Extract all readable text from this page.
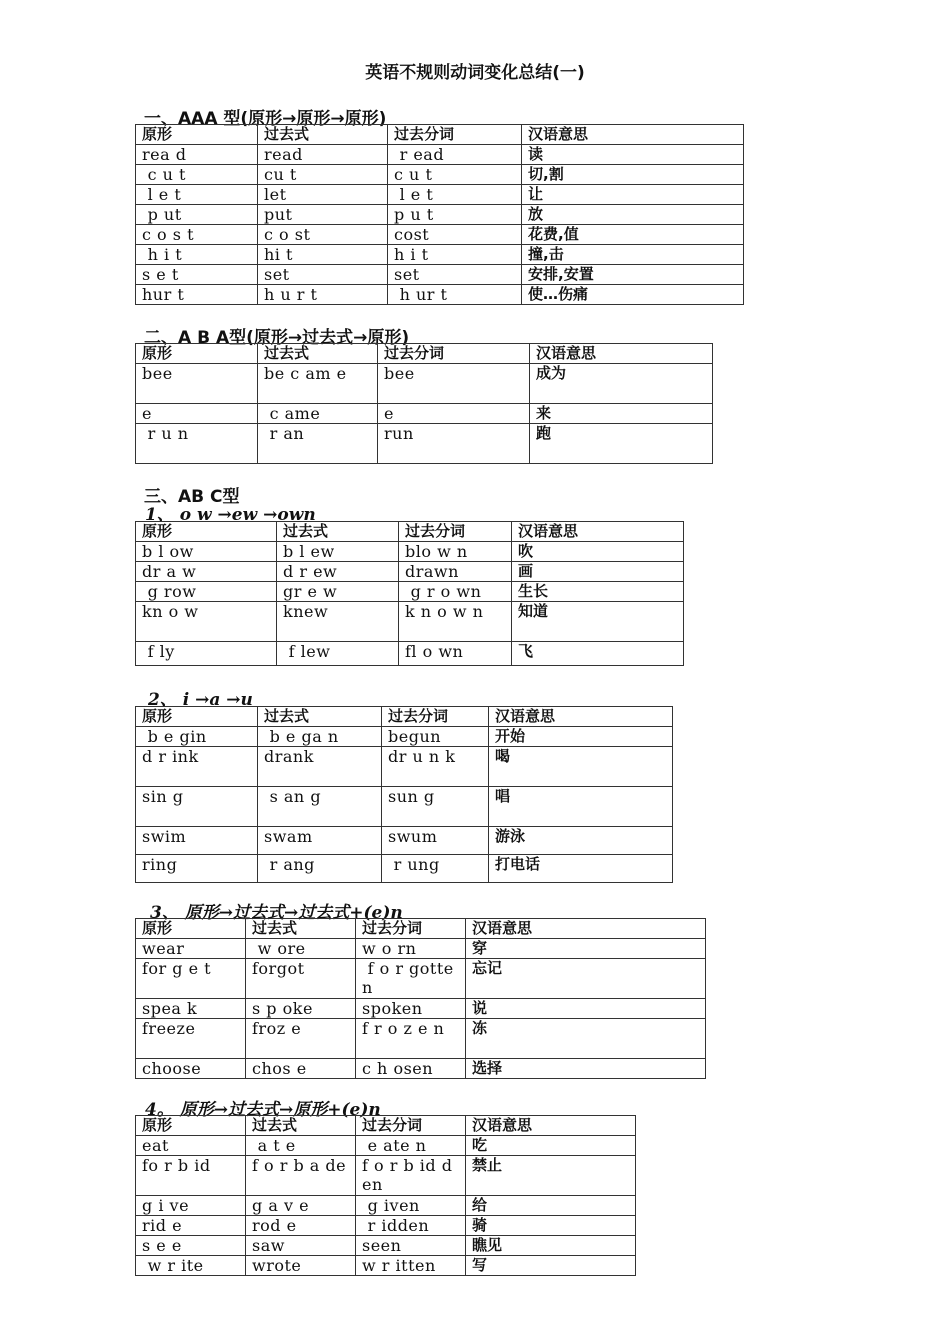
英语不规则动词变化总结(一)
一、AAA 型(原形→原形→原形)
原形	过去式	过去分词	汉语意思
rea d	read	r ead	读
c u t	cu t	c u t	切,割
l e t	let	l e t	让
p ut	put	p u t	放
c o s t	c o st	cost	花费,值
h i t	hi t	h i t	撞,击
s e t	set	set	安排,安置
hur t	h u r t	h ur t	使…伤痛
二、A B A型(原形→过去式→原形)
原形	过去式	过去分词	汉语意思
bee	be c am e	bee	成为
e	c ame	e	来
r u n	r an	run	跑
三、AB C型
1、 o w →ew →own
原形	过去式	过去分词	汉语意思
b l ow	b l ew	blo w n	吹
dr a w	d r ew	drawn	画
g row	gr e w	g r o wn	生长
kn o w	knew	k n o w n	知道
f ly	f lew	fl o wn	飞
2、 i →a →u
原形	过去式	过去分词	汉语意思
b e gin	b e ga n	begun	开始
d r ink	drank	dr u n k	喝
sin g	s an g	sun g	唱
swim	swam	swum	游泳
ring	r ang	r ung	打电话
3、 原形→过去式→过去式+(e)n
原形	过去式	过去分词	汉语意思
wear	w ore	w o rn	穿
for g e t	forgot	f o r gotten	忘记
spea k	s p oke	spoken	说
freeze	froz e	f r o z e n	冻
choose	chos e	c h osen	选择
4。 原形→过去式→原形+(e)n
原形	过去式	过去分词	汉语意思
eat	a t e	e ate n	吃
fo r b id	f o r b a de	f o r b id d en	禁止
g i ve	g a v e	g iven	给
rid e	rod e	r idden	骑
s e e	saw	seen	瞧见
w r ite	wrote	w r itten	写
